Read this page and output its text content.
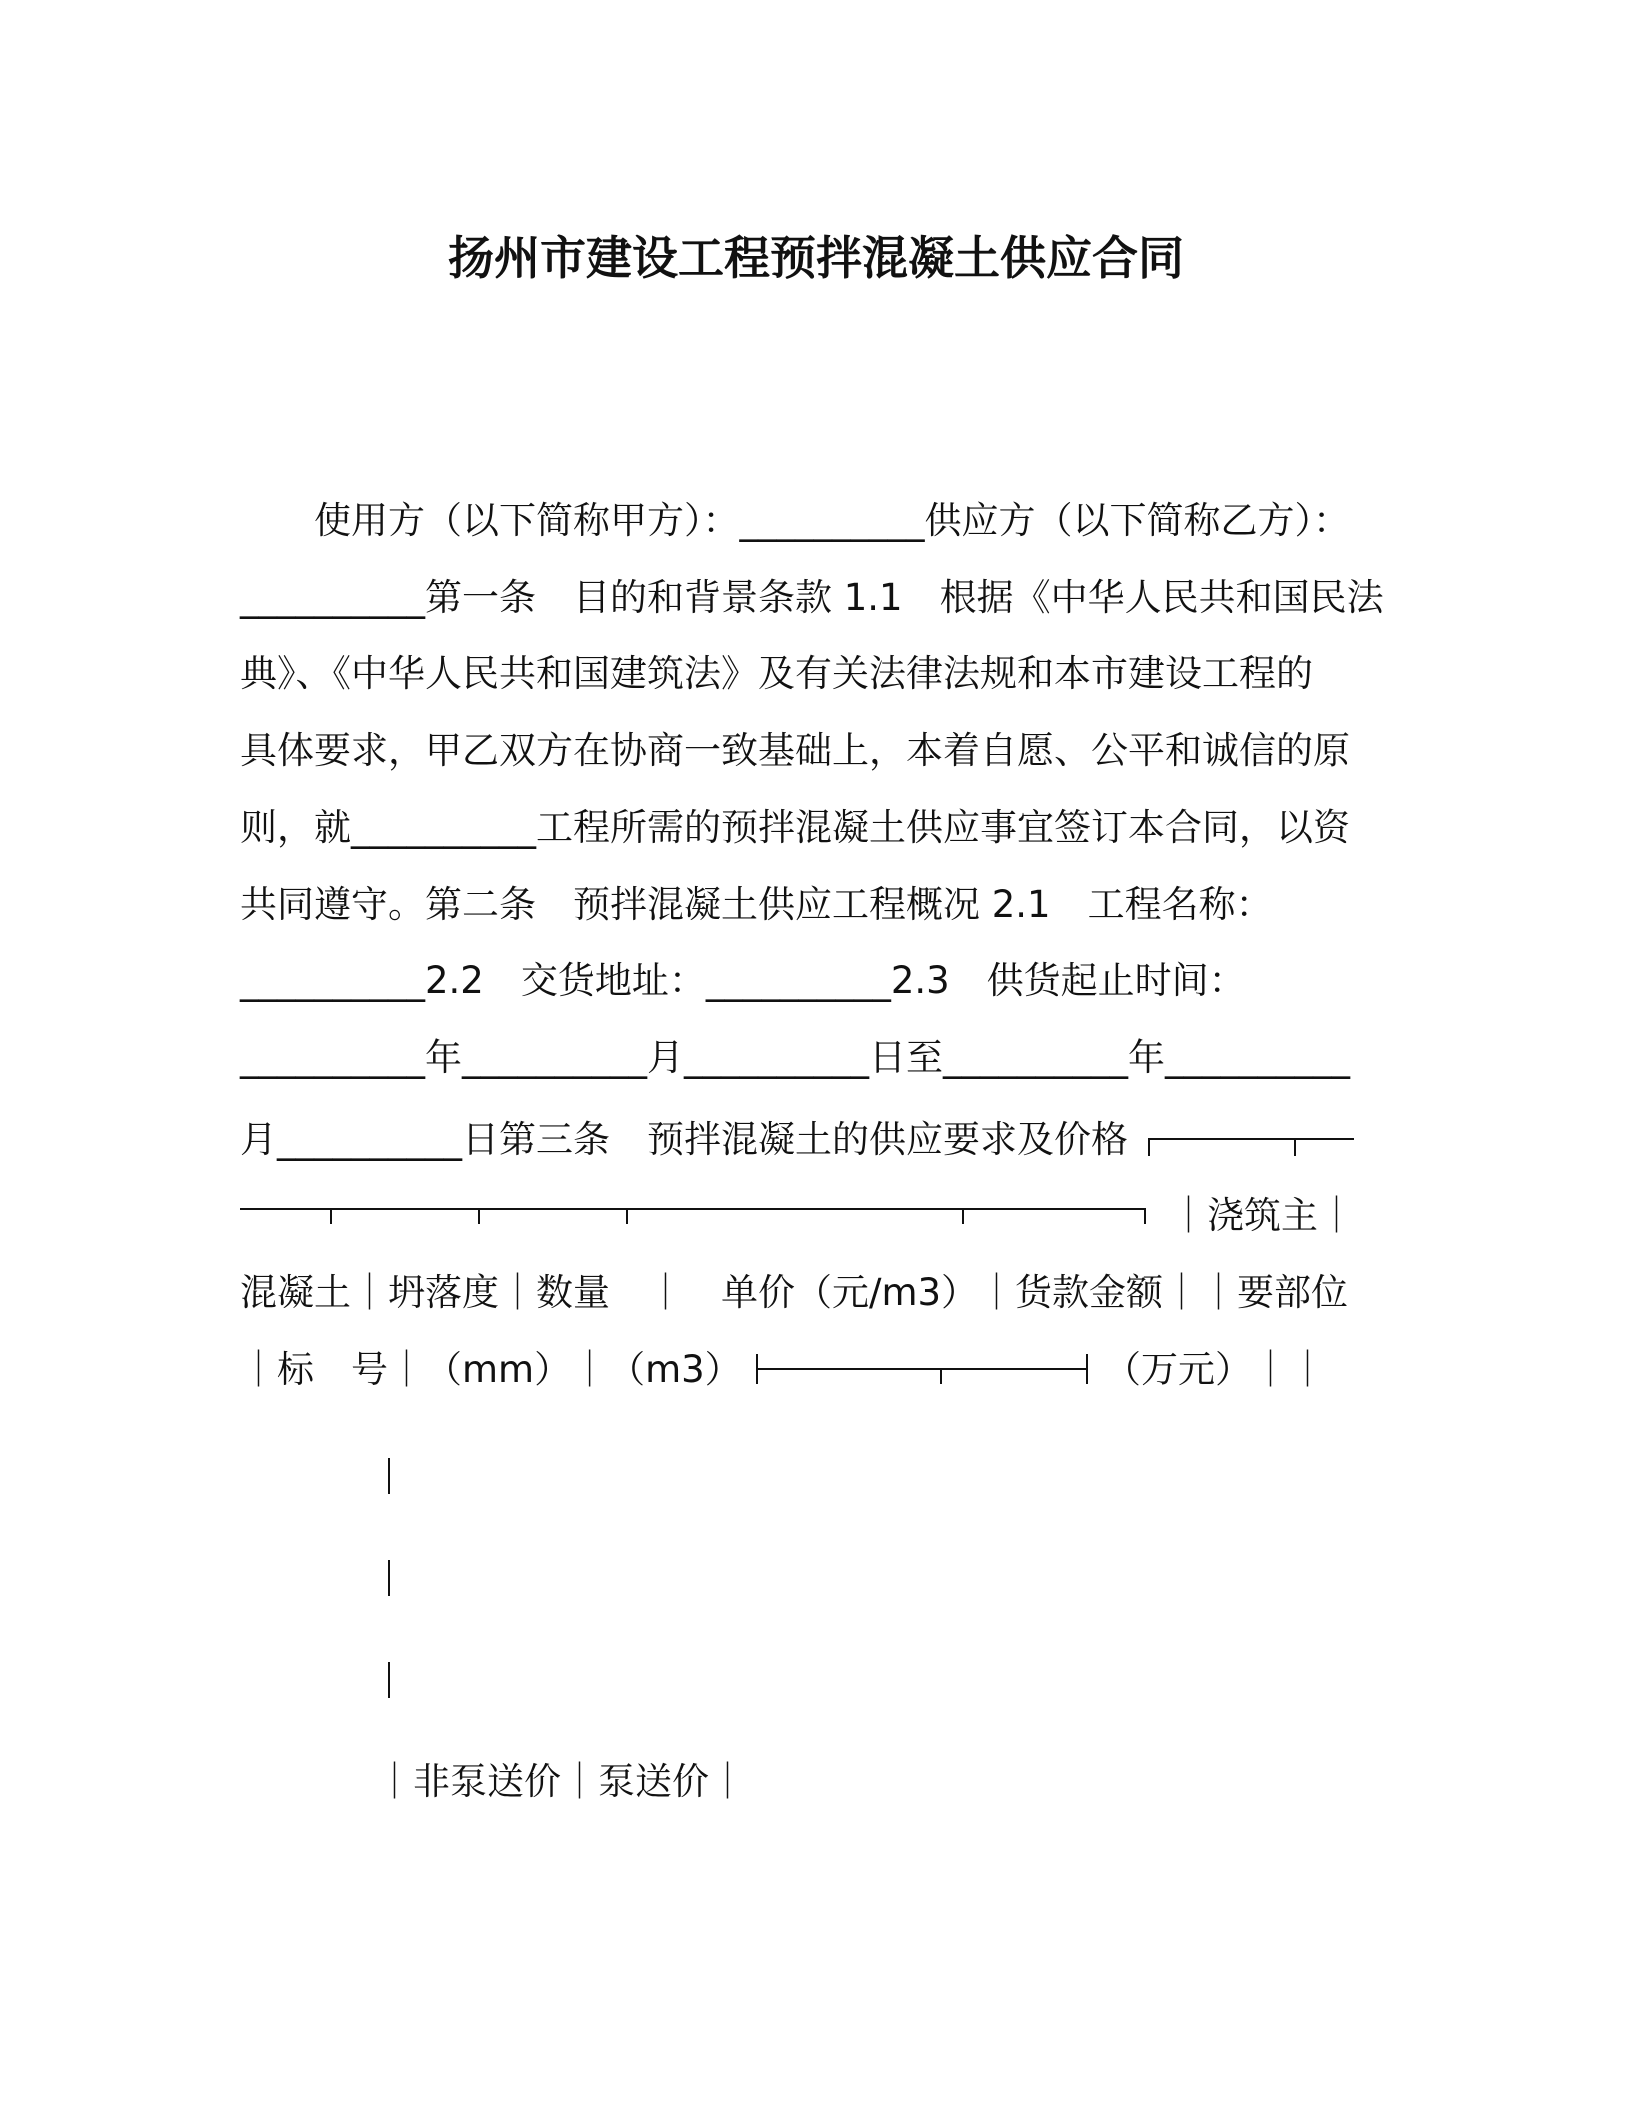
扬州市建设工程预拌混凝土供应合同
　　使用方（以下简称甲方）：__________供应方（以下简称乙方）：
__________第一条　目的和背景条款 1.1　根据《中华人民共和国民法
典》、《中华人民共和国建筑法》及有关法律法规和本市建设工程的
具体要求，甲乙双方在协商一致基础上，本着自愿、公平和诚信的原
则，就__________工程所需的预拌混凝土供应事宜签订本合同，以资
共同遵守。第二条　预拌混凝土供应工程概况 2.1　工程名称：
__________2.2　交货地址：__________2.3　供货起止时间：
__________年__________月__________日至__________年__________
月__________日第三条　预拌混凝土的供应要求及价格
｜浇筑主｜
混凝土｜坍落度｜数量　｜　单价（元/m3）｜货款金额｜｜要部位
｜标　号｜（mm）｜（m3）	（万元）｜｜
｜非泵送价｜泵送价｜
